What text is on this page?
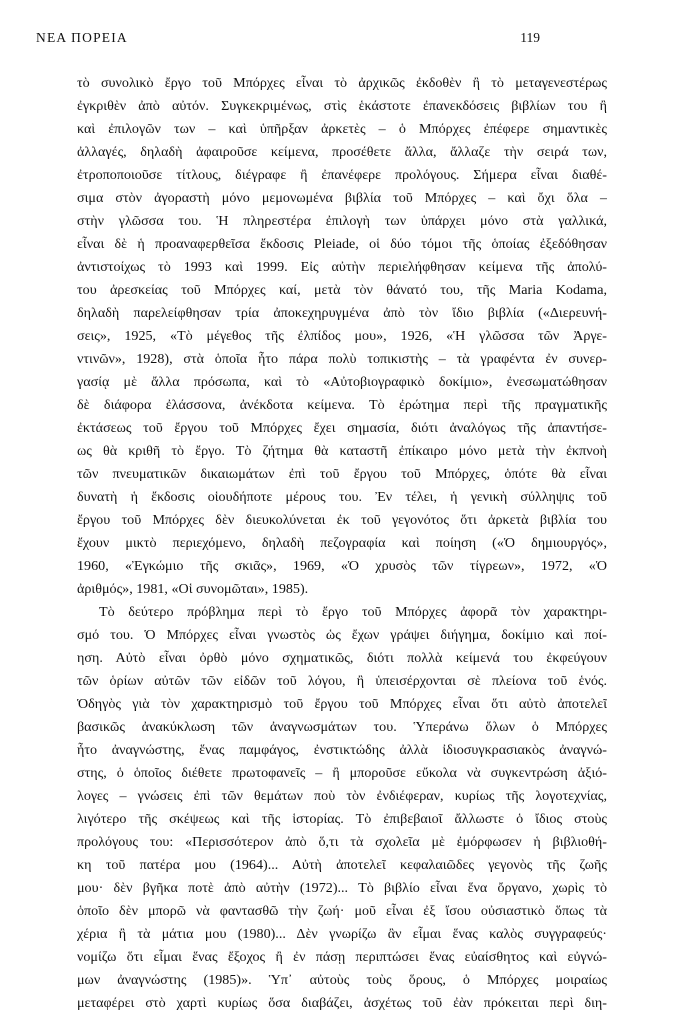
ΝΕΑ ΠΟΡΕΙΑ	119
τὸ συνολικὸ ἔργο τοῦ Μπόρχες εἶναι τὸ ἀρχικῶς ἐκδοθὲν ἢ τὸ μεταγενεστέρως
ἐγκριθὲν ἀπὸ αὐτόν. Συγκεκριμένως, στὶς ἑκάστοτε ἐπανεκδόσεις βιβλίων του ἢ
καὶ ἐπιλογῶν των – καὶ ὑπῆρξαν ἀρκετὲς – ὁ Μπόρχες ἐπέφερε σημαντικὲς
ἀλλαγές, δηλαδὴ ἀφαιροῦσε κείμενα, προσέθετε ἄλλα, ἄλλαζε τὴν σειρά των,
ἐτροποποιοῦσε τίτλους, διέγραφε ἢ ἐπανέφερε προλόγους. Σήμερα εἶναι διαθέ-
σιμα στὸν ἀγοραστὴ μόνο μεμονωμένα βιβλία τοῦ Μπόρχες – καὶ ὄχι ὅλα –
στὴν γλῶσσα του. Ἡ πληρεστέρα ἐπιλογὴ των ὑπάρχει μόνο στὰ γαλλικά,
εἶναι δὲ ἡ προαναφερθεῖσα ἔκδοσις Pleiade, οἱ δύο τόμοι τῆς ὁποίας ἐξεδόθησαν
ἀντιστοίχως τὸ 1993 καὶ 1999. Εἰς αὐτὴν περιελήφθησαν κείμενα τῆς ἀπολύ-
του ἀρεσκείας τοῦ Μπόρχες καί, μετὰ τὸν θάνατό του, τῆς Maria Kodama,
δηλαδὴ παρελείφθησαν τρία ἀποκεχηρυγμένα ἀπὸ τὸν ἴδιο βιβλία («Διερευνή-
σεις», 1925, «Τὸ μέγεθος τῆς ἐλπίδος μου», 1926, «Ἡ γλῶσσα τῶν Ἀργε-
ντινῶν», 1928), στὰ ὁποῖα ἦτο πάρα πολὺ τοπικιστὴς – τὰ γραφέντα ἐν συνερ-
γασίᾳ μὲ ἄλλα πρόσωπα, καὶ τὸ «Αὐτοβιογραφικὸ δοκίμιο», ἐνεσωματώθησαν
δὲ διάφορα ἐλάσσονα, ἀνέκδοτα κείμενα. Τὸ ἐρώτημα περὶ τῆς πραγματικῆς
ἐκτάσεως τοῦ ἔργου τοῦ Μπόρχες ἔχει σημασία, διότι ἀναλόγως τῆς ἀπαντήσε-
ως θὰ κριθῆ τὸ ἔργο. Τὸ ζήτημα θὰ καταστῆ ἐπίκαιρο μόνο μετὰ τὴν ἐκπνοὴ
τῶν πνευματικῶν δικαιωμάτων ἐπὶ τοῦ ἔργου τοῦ Μπόρχες, ὁπότε θὰ εἶναι
δυνατὴ ἡ ἔκδοσις οἱουδήποτε μέρους του. Ἐν τέλει, ἡ γενικὴ σύλληψις τοῦ
ἔργου τοῦ Μπόρχες δὲν διευκολύνεται ἐκ τοῦ γεγονότος ὅτι ἀρκετὰ βιβλία του
ἔχουν μικτὸ περιεχόμενο, δηλαδὴ πεζογραφία καὶ ποίηση («Ὁ δημιουργός»,
1960, «Ἐγκώμιο τῆς σκιᾶς», 1969, «Ὁ χρυσὸς τῶν τίγρεων», 1972, «Ὁ
ἀριθμός», 1981, «Οἱ συνομῶται», 1985).
Τὸ δεύτερο πρόβλημα περὶ τὸ ἔργο τοῦ Μπόρχες ἀφορᾶ τὸν χαρακτηρι-
σμό του. Ὁ Μπόρχες εἶναι γνωστὸς ὡς ἔχων γράψει διήγημα, δοκίμιο καὶ ποί-
ηση. Αὐτὸ εἶναι ὀρθὸ μόνο σχηματικῶς, διότι πολλὰ κείμενά του ἐκφεύγουν
τῶν ὁρίων αὐτῶν τῶν εἰδῶν τοῦ λόγου, ἢ ὑπεισέρχονται σὲ πλείονα τοῦ ἑνός.
Ὁδηγὸς γιὰ τὸν χαρακτηρισμὸ τοῦ ἔργου τοῦ Μπόρχες εἶναι ὅτι αὐτὸ ἀποτελεῖ
βασικῶς ἀνακύκλωση τῶν ἀναγνωσμάτων του. Ὑπεράνω ὅλων ὁ Μπόρχες
ἦτο ἀναγνώστης, ἕνας παμφάγος, ἐνστικτώδης ἀλλὰ ἰδιοσυγκρασιακὸς ἀναγνώ-
στης, ὁ ὁποῖος διέθετε πρωτοφανεῖς – ἢ μποροῦσε εὔκολα νὰ συγκεντρώση ἀξιό-
λογες – γνώσεις ἐπὶ τῶν θεμάτων ποὺ τὸν ἐνδιέφεραν, κυρίως τῆς λογοτεχνίας,
λιγότερο τῆς σκέψεως καὶ τῆς ἱστορίας. Τὸ ἐπιβεβαιοῖ ἄλλωστε ὁ ἴδιος στοὺς
προλόγους του: «Περισσότερον ἀπὸ ὅ,τι τὰ σχολεῖα μὲ ἐμόρφωσεν ἡ βιβλιοθή-
κη τοῦ πατέρα μου (1964)... Αὐτὴ ἀποτελεῖ κεφαλαιῶδες γεγονὸς τῆς ζωῆς
μου· δὲν βγῆκα ποτὲ ἀπὸ αὐτὴν (1972)... Τὸ βιβλίο εἶναι ἕνα ὄργανο, χωρὶς τὸ
ὁποῖο δὲν μπορῶ νὰ φαντασθῶ τὴν ζωή· μοῦ εἶναι ἐξ ἴσου οὐσιαστικὸ ὅπως τὰ
χέρια ἢ τὰ μάτια μου (1980)... Δὲν γνωρίζω ἂν εἶμαι ἕνας καλὸς συγγραφεύς·
νομίζω ὅτι εἶμαι ἕνας ἔξοχος ἢ ἐν πάσῃ περιπτώσει ἕνας εὐαίσθητος καὶ εὐγνώ-
μων ἀναγνώστης (1985)». Ὑπ᾽ αὐτοὺς τοὺς ὅρους, ὁ Μπόρχες μοιραίως
μεταφέρει στὸ χαρτὶ κυρίως ὅσα διαβάζει, ἀσχέτως τοῦ ἐὰν πρόκειται περὶ διη-
